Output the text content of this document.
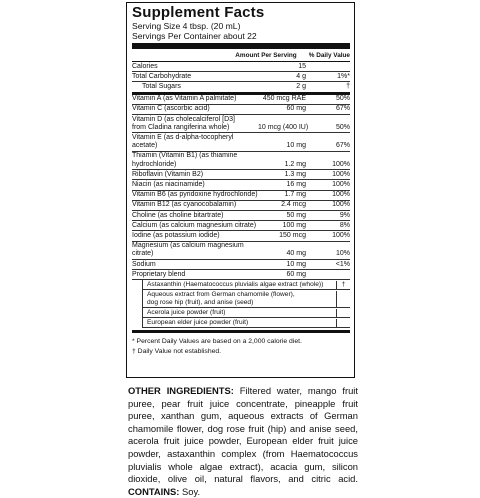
Supplement Facts
Serving Size 4 tbsp. (20 mL)
Servings Per Container about 22
Amount Per Serving	% Daily Value
Calories	15
Total Carbohydrate	4 g	1%*
Total Sugars	2 g	†
Vitamin A (as Vitamin A palmitate)	450 mcg RAE	50%
Vitamin C (ascorbic acid)	60 mg	67%
Vitamin D (as cholecalciferol [D3]
from Cladina rangiferina whole)	10 mcg (400 IU)	50%
Vitamin E (as d-alpha-tocopheryl acetate)	10 mg	67%
Thiamin (Vitamin B1) (as thiamine hydrochloride)	1.2 mg	100%
Riboflavin (Vitamin B2)	1.3 mg	100%
Niacin (as niacinamide)	16 mg	100%
Vitamin B6 (as pyridoxine hydrochloride)	1.7 mg	100%
Vitamin B12 (as cyanocobalamin)	2.4 mcg	100%
Choline (as choline bitartrate)	50 mg	9%
Calcium (as calcium magnesium citrate)	100 mg	8%
Iodine (as potassium iodide)	150 mcg	100%
Magnesium (as calcium magnesium citrate)	40 mg	10%
Sodium	10 mg	<1%
Proprietary blend	60 mg
Astaxanthin (Haematococcus pluvialis algae extract (whole))	†
Aqueous extract from German chamomile (flower),
dog rose hip (fruit), and anise (seed)
Acerola juice powder (fruit)
European elder juice powder (fruit)
* Percent Daily Values are based on a 2,000 calorie diet.
† Daily Value not established.
OTHER INGREDIENTS: Filtered water, mango fruit puree, pear fruit juice concentrate, pineapple fruit puree, xanthan gum, aqueous extracts of German chamomile flower, dog rose fruit (hip) and anise seed, acerola fruit juice powder, European elder fruit juice powder, astaxanthin complex (from Haematococcus pluvialis whole algae extract), acacia gum, silicon dioxide, olive oil, natural flavors, and citric acid. CONTAINS: Soy.
